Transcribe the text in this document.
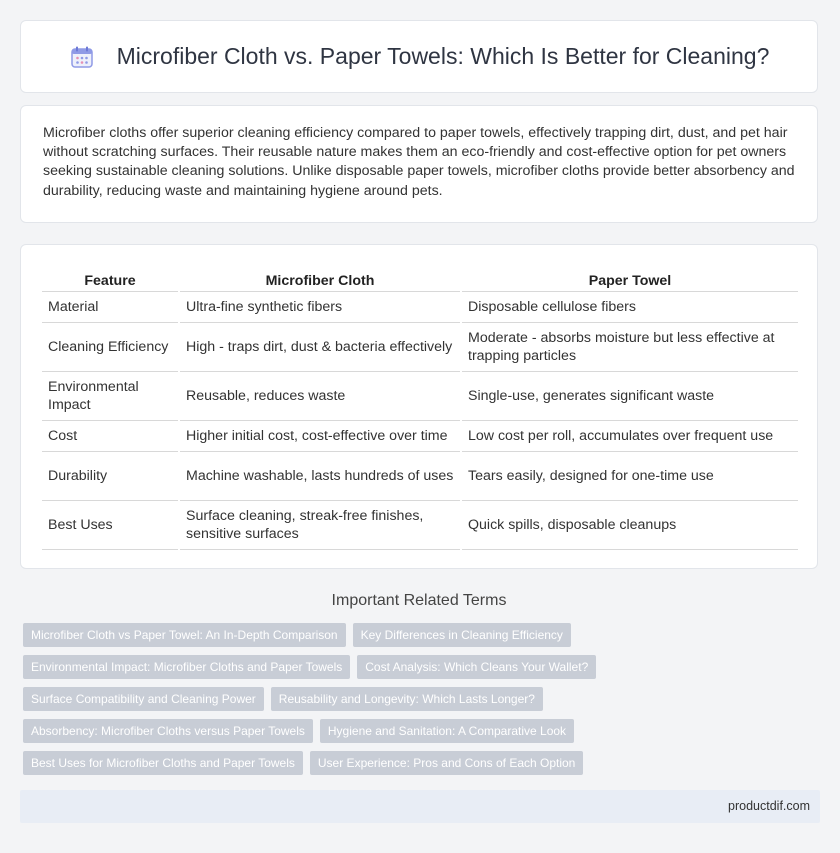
Microfiber Cloth vs. Paper Towels: Which Is Better for Cleaning?

Microfiber cloths offer superior cleaning efficiency compared to paper towels, effectively trapping dirt, dust, and pet hair without scratching surfaces. Their reusable nature makes them an eco-friendly and cost-effective option for pet owners seeking sustainable cleaning solutions. Unlike disposable paper towels, microfiber cloths provide better absorbency and durability, reducing waste and maintaining hygiene around pets.

Feature	Microfiber Cloth	Paper Towel
Material	Ultra-fine synthetic fibers	Disposable cellulose fibers
Cleaning Efficiency	High - traps dirt, dust & bacteria effectively	Moderate - absorbs moisture but less effective at trapping particles
Environmental Impact	Reusable, reduces waste	Single-use, generates significant waste
Cost	Higher initial cost, cost-effective over time	Low cost per roll, accumulates over frequent use
Durability	Machine washable, lasts hundreds of uses	Tears easily, designed for one-time use
Best Uses	Surface cleaning, streak-free finishes, sensitive surfaces	Quick spills, disposable cleanups
Important Related Terms
Microfiber Cloth vs Paper Towel: An In-Depth Comparison	Key Differences in Cleaning Efficiency
Environmental Impact: Microfiber Cloths and Paper Towels	Cost Analysis: Which Cleans Your Wallet?
Surface Compatibility and Cleaning Power	Reusability and Longevity: Which Lasts Longer?
Absorbency: Microfiber Cloths versus Paper Towels	Hygiene and Sanitation: A Comparative Look
Best Uses for Microfiber Cloths and Paper Towels	User Experience: Pros and Cons of Each Option
productdif.com
